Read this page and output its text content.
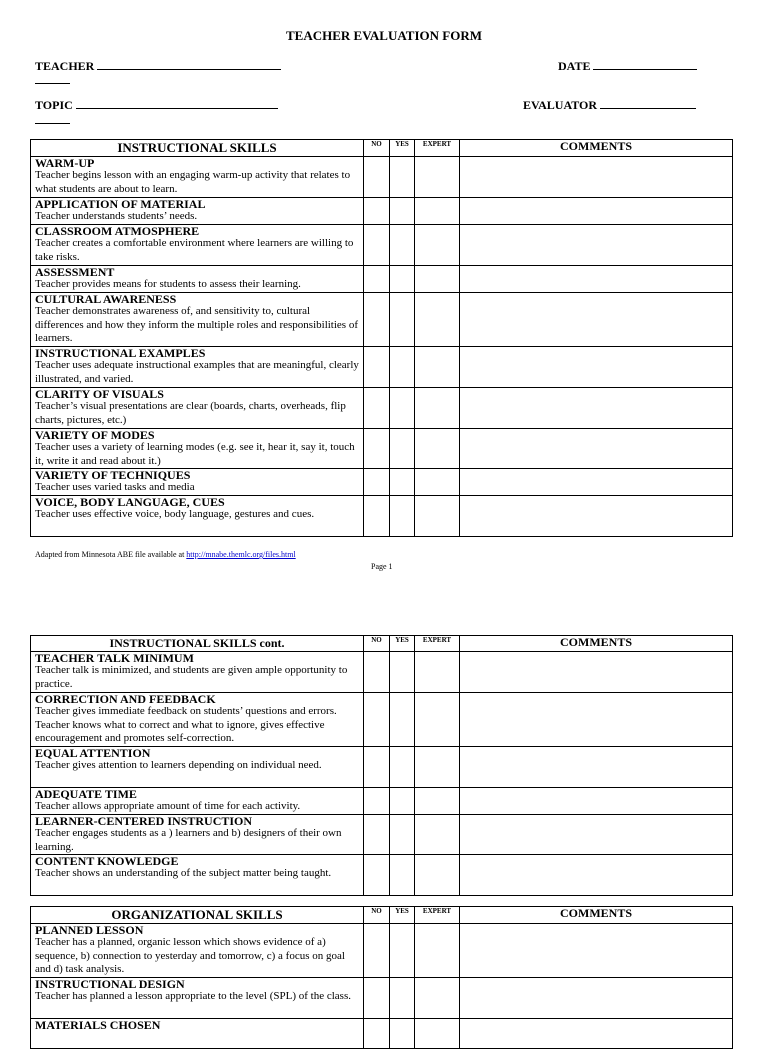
TEACHER EVALUATION FORM
TEACHER	DATE
TOPIC	EVALUATOR
INSTRUCTIONAL SKILLS	NO	YES	EXPERT	COMMENTS

WARM-UP
Teacher begins lesson with an engaging warm-up activity that relates to what students are about to learn.				

APPLICATION OF MATERIAL
Teacher understands students’ needs.				

CLASSROOM ATMOSPHERE
Teacher creates a comfortable environment where learners are willing to take risks.				

ASSESSMENT
Teacher provides means for students to assess their learning.				

CULTURAL AWARENESS
Teacher demonstrates awareness of, and sensitivity to, cultural differences and how they inform the multiple roles and responsibilities of learners.				

INSTRUCTIONAL EXAMPLES
Teacher uses adequate instructional examples that are meaningful, clearly illustrated, and varied.				

CLARITY OF VISUALS
Teacher’s visual presentations are clear (boards, charts, overheads, flip charts, pictures, etc.)				

VARIETY OF MODES
Teacher uses a variety of learning modes (e.g. see it, hear it, say it, touch it, write it and read about it.)				

VARIETY OF TECHNIQUES
Teacher uses varied tasks and media				

VOICE, BODY LANGUAGE, CUES
Teacher uses effective voice, body language, gestures and cues.				

Adapted from Minnesota ABE file available at http://mnabe.themlc.org/files.html
Page 1
INSTRUCTIONAL SKILLS cont.	NO	YES	EXPERT	COMMENTS

TEACHER TALK MINIMUM
Teacher talk is minimized, and students are given ample opportunity to practice.				

CORRECTION AND FEEDBACK
Teacher gives immediate feedback on students’ questions and errors. Teacher knows what to correct and what to ignore, gives effective encouragement and promotes self-correction.				

EQUAL ATTENTION
Teacher gives attention to learners depending on individual need.				

ADEQUATE TIME
Teacher allows appropriate amount of time for each activity.				

LEARNER-CENTERED INSTRUCTION
Teacher engages students as a ) learners and b) designers of their own learning.				

CONTENT KNOWLEDGE
Teacher shows an understanding of the subject matter being taught.				

ORGANIZATIONAL SKILLS	NO	YES	EXPERT	COMMENTS

PLANNED LESSON
Teacher has a planned, organic lesson which shows evidence of a) sequence, b) connection to yesterday and tomorrow, c) a focus on goal and d) task analysis.				

INSTRUCTIONAL DESIGN
Teacher has planned a lesson appropriate to the level (SPL) of the class.				

MATERIALS CHOSEN				
